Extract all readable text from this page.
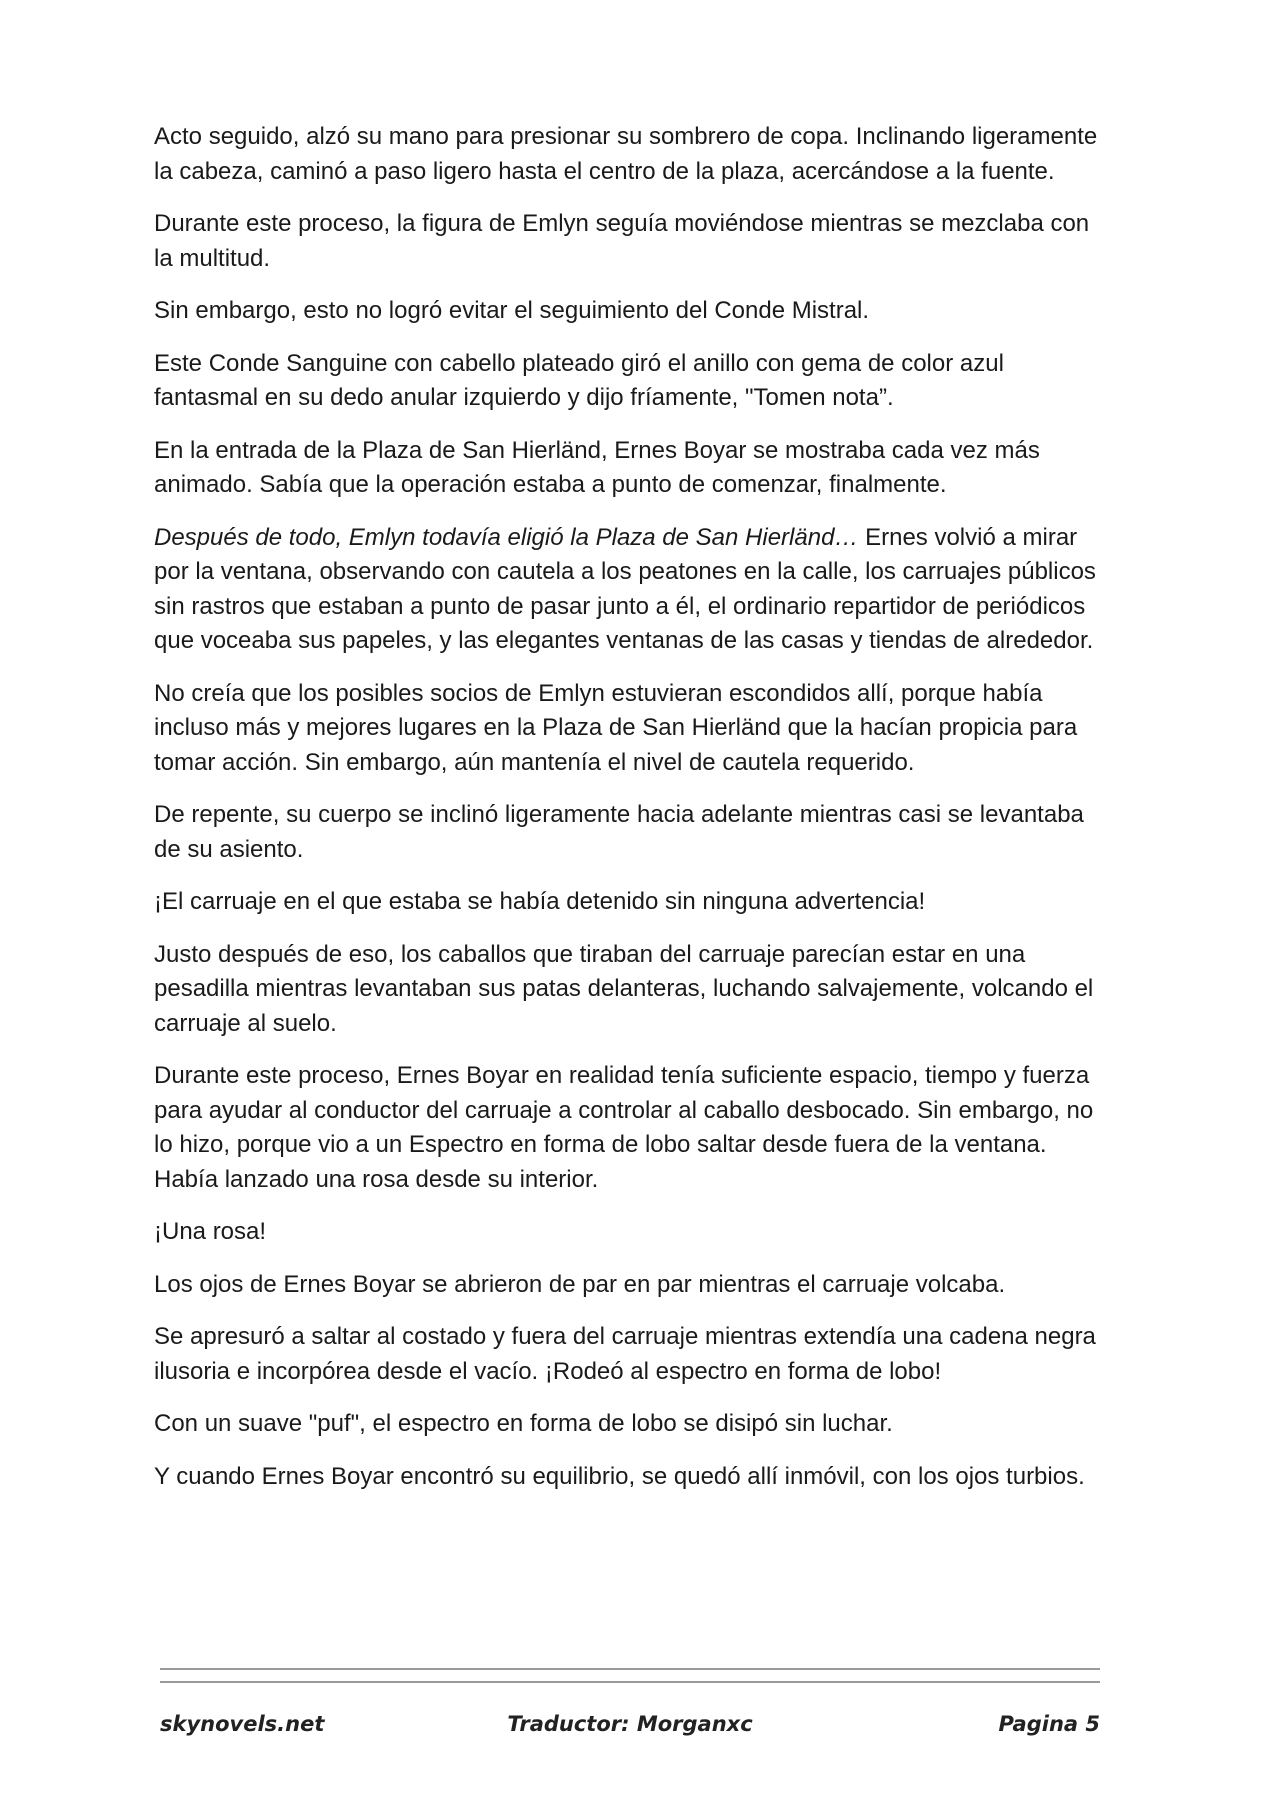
Acto seguido, alzó su mano para presionar su sombrero de copa. Inclinando ligeramente la cabeza, caminó a paso ligero hasta el centro de la plaza, acercándose a la fuente.

Durante este proceso, la figura de Emlyn seguía moviéndose mientras se mezclaba con la multitud.

Sin embargo, esto no logró evitar el seguimiento del Conde Mistral.

Este Conde Sanguine con cabello plateado giró el anillo con gema de color azul fantasmal en su dedo anular izquierdo y dijo fríamente, "Tomen nota”.

En la entrada de la Plaza de San Hierländ, Ernes Boyar se mostraba cada vez más animado. Sabía que la operación estaba a punto de comenzar, finalmente.

Después de todo, Emlyn todavía eligió la Plaza de San Hierländ… Ernes volvió a mirar por la ventana, observando con cautela a los peatones en la calle, los carruajes públicos sin rastros que estaban a punto de pasar junto a él, el ordinario repartidor de periódicos que voceaba sus papeles, y las elegantes ventanas de las casas y tiendas de alrededor.

No creía que los posibles socios de Emlyn estuvieran escondidos allí, porque había incluso más y mejores lugares en la Plaza de San Hierländ que la hacían propicia para tomar acción. Sin embargo, aún mantenía el nivel de cautela requerido.

De repente, su cuerpo se inclinó ligeramente hacia adelante mientras casi se levantaba de su asiento.

¡El carruaje en el que estaba se había detenido sin ninguna advertencia!

Justo después de eso, los caballos que tiraban del carruaje parecían estar en una pesadilla mientras levantaban sus patas delanteras, luchando salvajemente, volcando el carruaje al suelo.

Durante este proceso, Ernes Boyar en realidad tenía suficiente espacio, tiempo y fuerza para ayudar al conductor del carruaje a controlar al caballo desbocado. Sin embargo, no lo hizo, porque vio a un Espectro en forma de lobo saltar desde fuera de la ventana. Había lanzado una rosa desde su interior.

¡Una rosa!

Los ojos de Ernes Boyar se abrieron de par en par mientras el carruaje volcaba.

Se apresuró a saltar al costado y fuera del carruaje mientras extendía una cadena negra ilusoria e incorpórea desde el vacío. ¡Rodeó al espectro en forma de lobo!

Con un suave "puf", el espectro en forma de lobo se disipó sin luchar.

Y cuando Ernes Boyar encontró su equilibrio, se quedó allí inmóvil, con los ojos turbios.

skynovels.net	Traductor: Morganxc	Pagina 5
